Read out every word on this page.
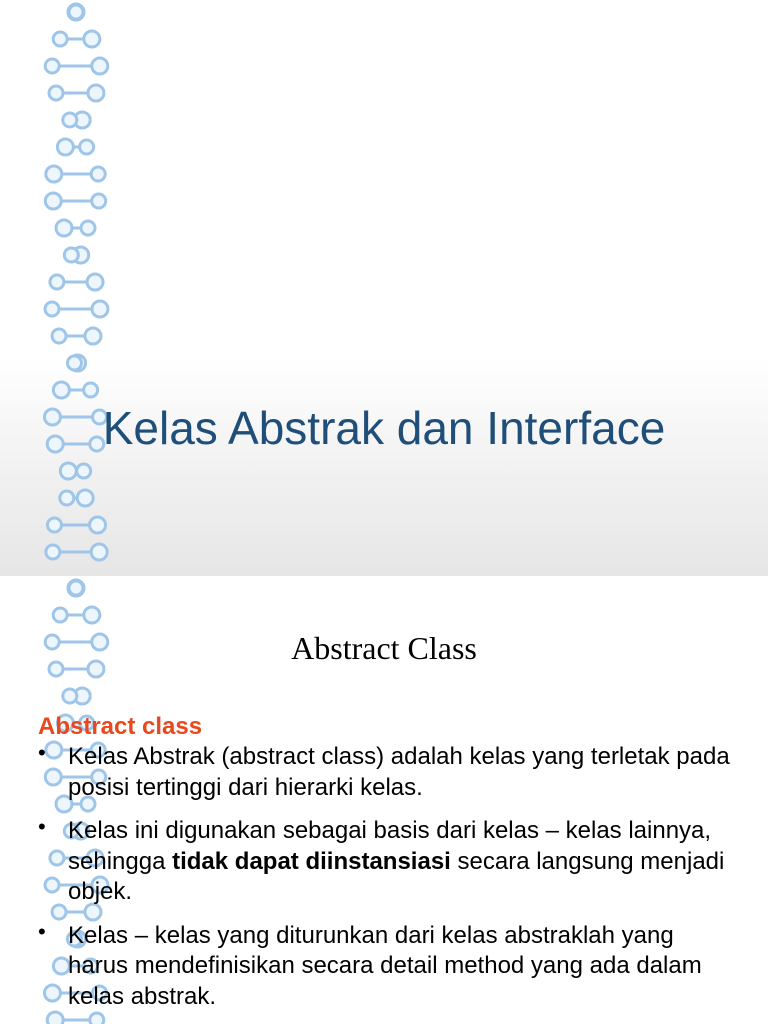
Kelas Abstrak dan Interface
Abstract Class
Abstract class
• Kelas Abstrak (abstract class) adalah kelas yang terletak pada posisi tertinggi dari hierarki kelas.
• Kelas ini digunakan sebagai basis dari kelas – kelas lainnya, sehingga tidak dapat diinstansiasi secara langsung menjadi objek.
• Kelas – kelas yang diturunkan dari kelas abstraklah yang harus mendefinisikan secara detail method yang ada dalam kelas abstrak.
